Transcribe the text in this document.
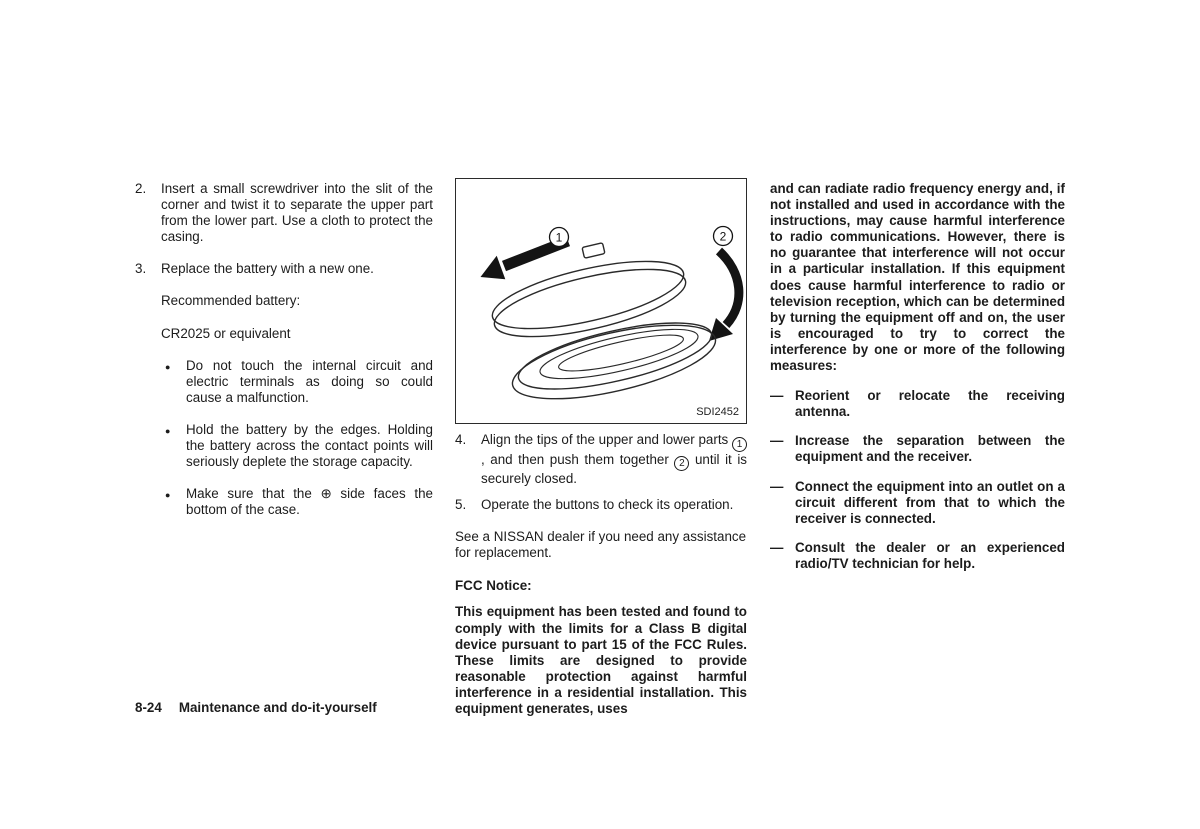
2. Insert a small screwdriver into the slit of the corner and twist it to separate the upper part from the lower part. Use a cloth to protect the casing.

3. Replace the battery with a new one.

Recommended battery:

CR2025 or equivalent

● Do not touch the internal circuit and electric terminals as doing so could cause a malfunction.

● Hold the battery by the edges. Holding the battery across the contact points will seriously deplete the storage capacity.

● Make sure that the ⊕ side faces the bottom of the case.

1	2
SDI2452
4. Align the tips of the upper and lower parts 1, and then push them together 2 until it is securely closed.

5. Operate the buttons to check its operation.

See a NISSAN dealer if you need any assistance for replacement.

FCC Notice:

This equipment has been tested and found to comply with the limits for a Class B digital device pursuant to part 15 of the FCC Rules. These limits are designed to provide reasonable protection against harmful interference in a residential installation. This equipment generates, uses

and can radiate radio frequency energy and, if not installed and used in accordance with the instructions, may cause harmful interference to radio communications. However, there is no guarantee that interference will not occur in a particular installation. If this equipment does cause harmful interference to radio or television reception, which can be determined by turning the equipment off and on, the user is encouraged to try to correct the interference by one or more of the following measures:

— Reorient or relocate the receiving antenna.

— Increase the separation between the equipment and the receiver.

— Connect the equipment into an outlet on a circuit different from that to which the receiver is connected.

— Consult the dealer or an experienced radio/TV technician for help.

8-24 Maintenance and do-it-yourself
